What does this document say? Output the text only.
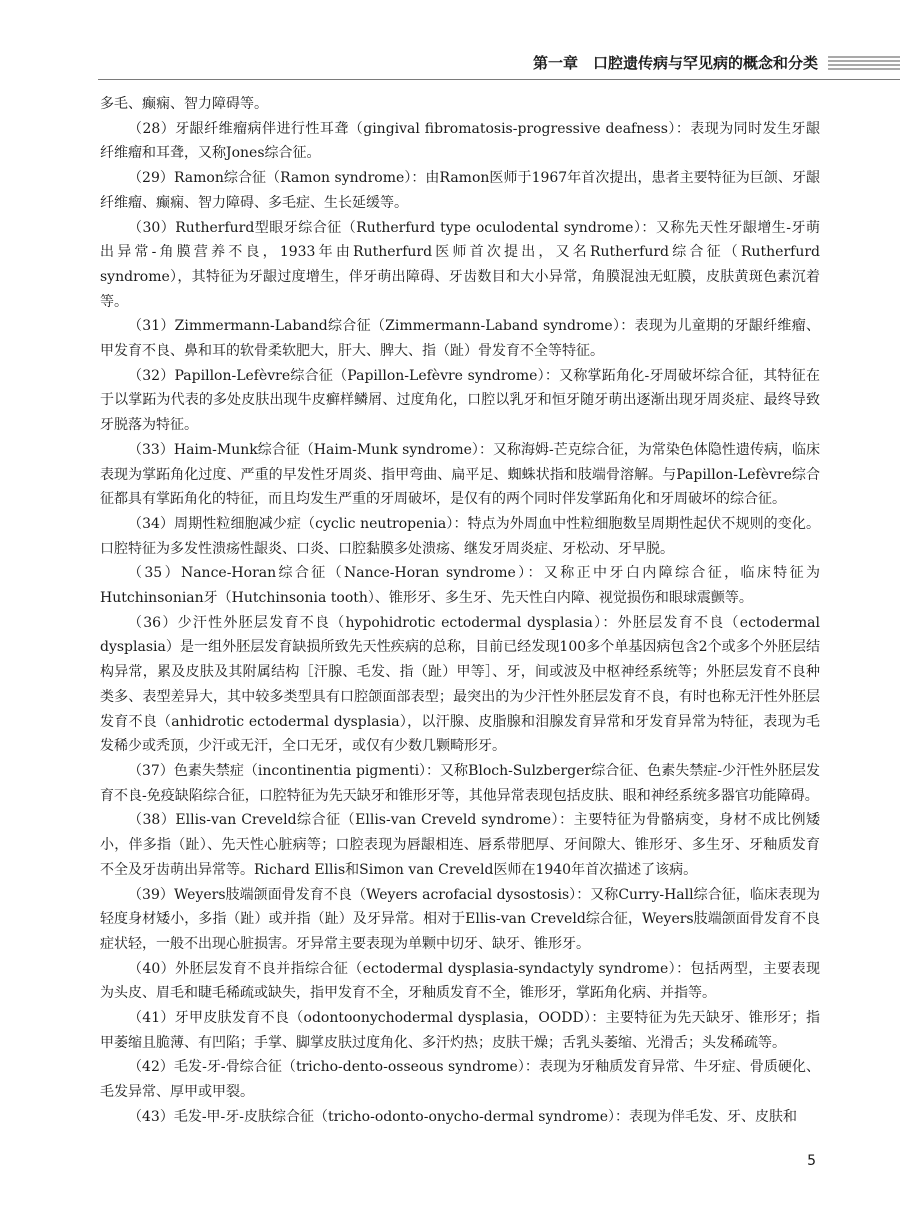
第一章　口腔遗传病与罕见病的概念和分类

多毛、癫痫、智力障碍等。

（28）牙龈纤维瘤病伴进行性耳聋（gingival fibromatosis-progressive deafness）：表现为同时发生牙龈纤维瘤和耳聋，又称Jones综合征。

（29）Ramon综合征（Ramon syndrome）：由Ramon医师于1967年首次提出，患者主要特征为巨颌、牙龈纤维瘤、癫痫、智力障碍、多毛症、生长延缓等。

（30）Rutherfurd型眼牙综合征（Rutherfurd type oculodental syndrome）：又称先天性牙龈增生-牙萌出异常-角膜营养不良，1933年由Rutherfurd医师首次提出，又名Rutherfurd综合征（Rutherfurd syndrome），其特征为牙龈过度增生，伴牙萌出障碍、牙齿数目和大小异常，角膜混浊无虹膜，皮肤黄斑色素沉着等。

（31）Zimmermann-Laband综合征（Zimmermann-Laband syndrome）：表现为儿童期的牙龈纤维瘤、甲发育不良、鼻和耳的软骨柔软肥大，肝大、脾大、指（趾）骨发育不全等特征。

（32）Papillon-Lefèvre综合征（Papillon-Lefèvre syndrome）：又称掌跖角化-牙周破坏综合征，其特征在于以掌跖为代表的多处皮肤出现牛皮癣样鳞屑、过度角化，口腔以乳牙和恒牙随牙萌出逐渐出现牙周炎症、最终导致牙脱落为特征。

（33）Haim-Munk综合征（Haim-Munk syndrome）：又称海姆-芒克综合征，为常染色体隐性遗传病，临床表现为掌跖角化过度、严重的早发性牙周炎、指甲弯曲、扁平足、蜘蛛状指和肢端骨溶解。与Papillon-Lefèvre综合征都具有掌跖角化的特征，而且均发生严重的牙周破坏，是仅有的两个同时伴发掌跖角化和牙周破坏的综合征。

（34）周期性粒细胞减少症（cyclic neutropenia）：特点为外周血中性粒细胞数呈周期性起伏不规则的变化。口腔特征为多发性溃疡性龈炎、口炎、口腔黏膜多处溃疡、继发牙周炎症、牙松动、牙早脱。

（35）Nance-Horan综合征（Nance-Horan syndrome）：又称正中牙白内障综合征，临床特征为Hutchinsonian牙（Hutchinsonia tooth）、锥形牙、多生牙、先天性白内障、视觉损伤和眼球震颤等。

（36）少汗性外胚层发育不良（hypohidrotic ectodermal dysplasia）：外胚层发育不良（ectodermal dysplasia）是一组外胚层发育缺损所致先天性疾病的总称，目前已经发现100多个单基因病包含2个或多个外胚层结构异常，累及皮肤及其附属结构［汗腺、毛发、指（趾）甲等］、牙，间或波及中枢神经系统等；外胚层发育不良种类多、表型差异大，其中较多类型具有口腔颌面部表型；最突出的为少汗性外胚层发育不良，有时也称无汗性外胚层发育不良（anhidrotic ectodermal dysplasia），以汗腺、皮脂腺和泪腺发育异常和牙发育异常为特征，表现为毛发稀少或秃顶，少汗或无汗，全口无牙，或仅有少数几颗畸形牙。

（37）色素失禁症（incontinentia pigmenti）：又称Bloch-Sulzberger综合征、色素失禁症-少汗性外胚层发育不良-免疫缺陷综合征，口腔特征为先天缺牙和锥形牙等，其他异常表现包括皮肤、眼和神经系统多器官功能障碍。

（38）Ellis-van Creveld综合征（Ellis-van Creveld syndrome）：主要特征为骨骼病变，身材不成比例矮小，伴多指（趾）、先天性心脏病等；口腔表现为唇龈相连、唇系带肥厚、牙间隙大、锥形牙、多生牙、牙釉质发育不全及牙齿萌出异常等。Richard Ellis和Simon van Creveld医师在1940年首次描述了该病。

（39）Weyers肢端颌面骨发育不良（Weyers acrofacial dysostosis）：又称Curry-Hall综合征，临床表现为轻度身材矮小，多指（趾）或并指（趾）及牙异常。相对于Ellis-van Creveld综合征，Weyers肢端颌面骨发育不良症状轻，一般不出现心脏损害。牙异常主要表现为单颗中切牙、缺牙、锥形牙。

（40）外胚层发育不良并指综合征（ectodermal dysplasia-syndactyly syndrome）：包括两型，主要表现为头皮、眉毛和睫毛稀疏或缺失，指甲发育不全，牙釉质发育不全，锥形牙，掌跖角化病、并指等。

（41）牙甲皮肤发育不良（odontoonychodermal dysplasia，OODD）：主要特征为先天缺牙、锥形牙；指甲萎缩且脆薄、有凹陷；手掌、脚掌皮肤过度角化、多汗灼热；皮肤干燥；舌乳头萎缩、光滑舌；头发稀疏等。

（42）毛发-牙-骨综合征（tricho-dento-osseous syndrome）：表现为牙釉质发育异常、牛牙症、骨质硬化、毛发异常、厚甲或甲裂。

（43）毛发-甲-牙-皮肤综合征（tricho-odonto-onycho-dermal syndrome）：表现为伴毛发、牙、皮肤和

5
